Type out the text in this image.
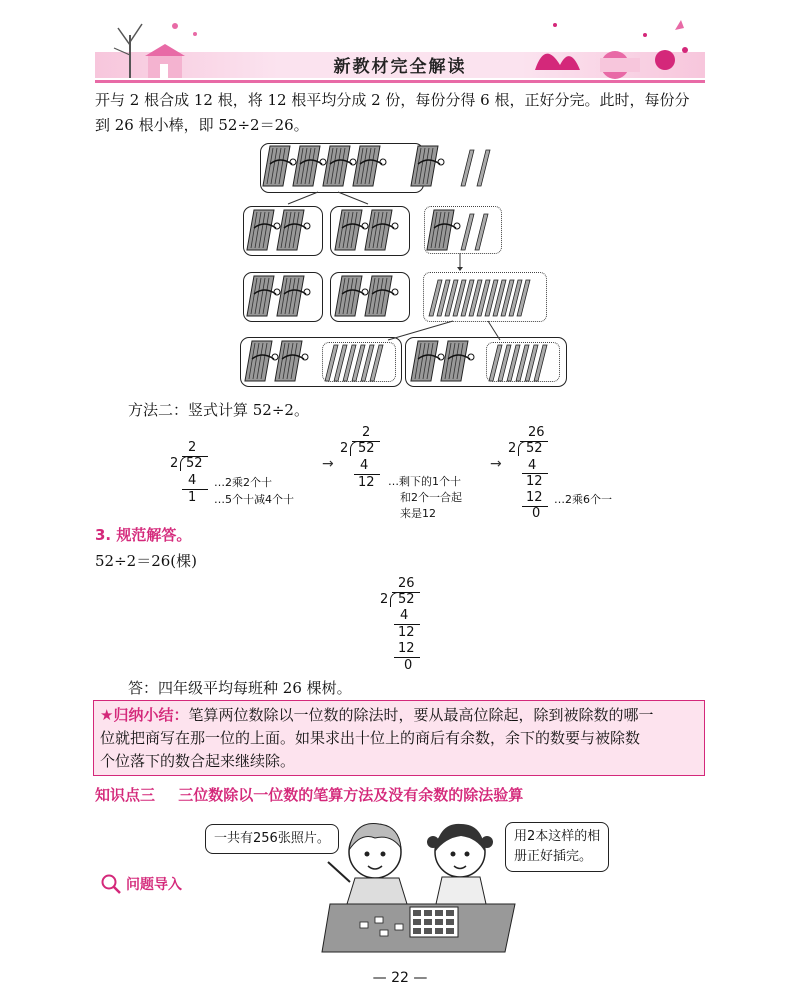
新教材完全解读
开与 2 根合成 12 根，将 12 根平均分成 2 份，每份分得 6 根，正好分完。此时，每份分
到 26 根小棒，即 52÷2＝26。
方法二：竖式计算 52÷2。
2
2 52
4
1
…2乘2个十
…5个十减4个十
→
2
2 52
4
12 …剩下的1个十
和2个一合起
来是12
→
26
2 52
4
12
12
0
…2乘6个一
3. 规范解答。
52÷2＝26(棵)
26
2 52
4
12
12
0
答：四年级平均每班种 26 棵树。
★归纳小结：笔算两位数除以一位数的除法时，要从最高位除起，除到被除数的哪一
位就把商写在那一位的上面。如果求出十位上的商后有余数，余下的数要与被除数
个位落下的数合起来继续除。
知识点三 三位数除以一位数的笔算方法及没有余数的除法验算
一共有256张照片。	用2本这样的相
册正好插完。
问题导入
— 22 —
